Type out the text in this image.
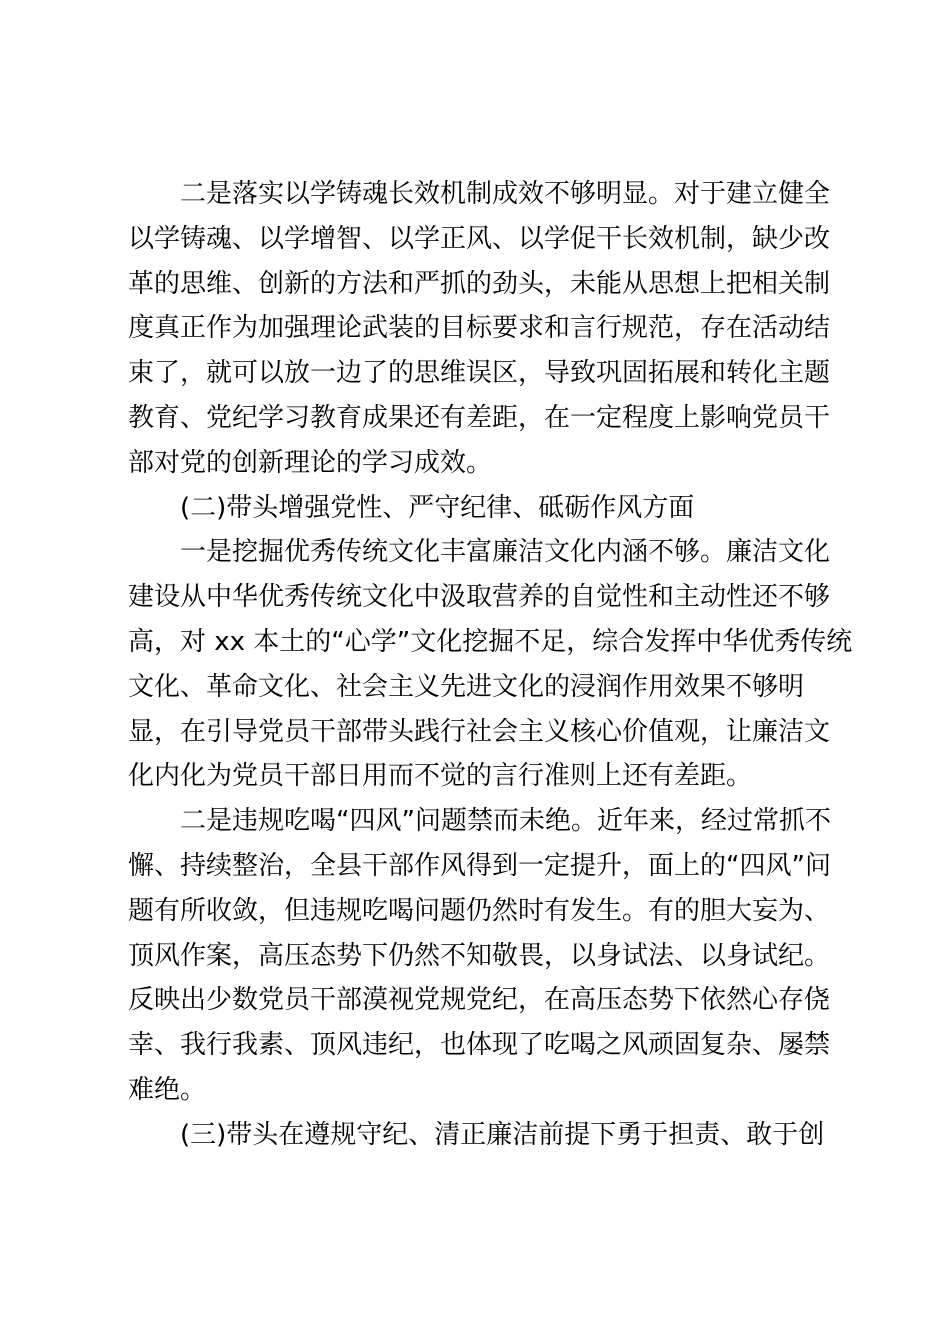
二是落实以学铸魂长效机制成效不够明显。对于建立健全
以学铸魂、以学增智、以学正风、以学促干长效机制，缺少改
革的思维、创新的方法和严抓的劲头，未能从思想上把相关制
度真正作为加强理论武装的目标要求和言行规范，存在活动结
束了，就可以放一边了的思维误区，导致巩固拓展和转化主题
教育、党纪学习教育成果还有差距，在一定程度上影响党员干
部对党的创新理论的学习成效。
(二)带头增强党性、严守纪律、砥砺作风方面
一是挖掘优秀传统文化丰富廉洁文化内涵不够。廉洁文化
建设从中华优秀传统文化中汲取营养的自觉性和主动性还不够
高，对 xx 本土的“心学”文化挖掘不足，综合发挥中华优秀传统
文化、革命文化、社会主义先进文化的浸润作用效果不够明
显，在引导党员干部带头践行社会主义核心价值观，让廉洁文
化内化为党员干部日用而不觉的言行准则上还有差距。
二是违规吃喝“四风”问题禁而未绝。近年来，经过常抓不
懈、持续整治，全县干部作风得到一定提升，面上的“四风”问
题有所收敛，但违规吃喝问题仍然时有发生。有的胆大妄为、
顶风作案，高压态势下仍然不知敬畏，以身试法、以身试纪。
反映出少数党员干部漠视党规党纪，在高压态势下依然心存侥
幸、我行我素、顶风违纪，也体现了吃喝之风顽固复杂、屡禁
难绝。
(三)带头在遵规守纪、清正廉洁前提下勇于担责、敢于创
